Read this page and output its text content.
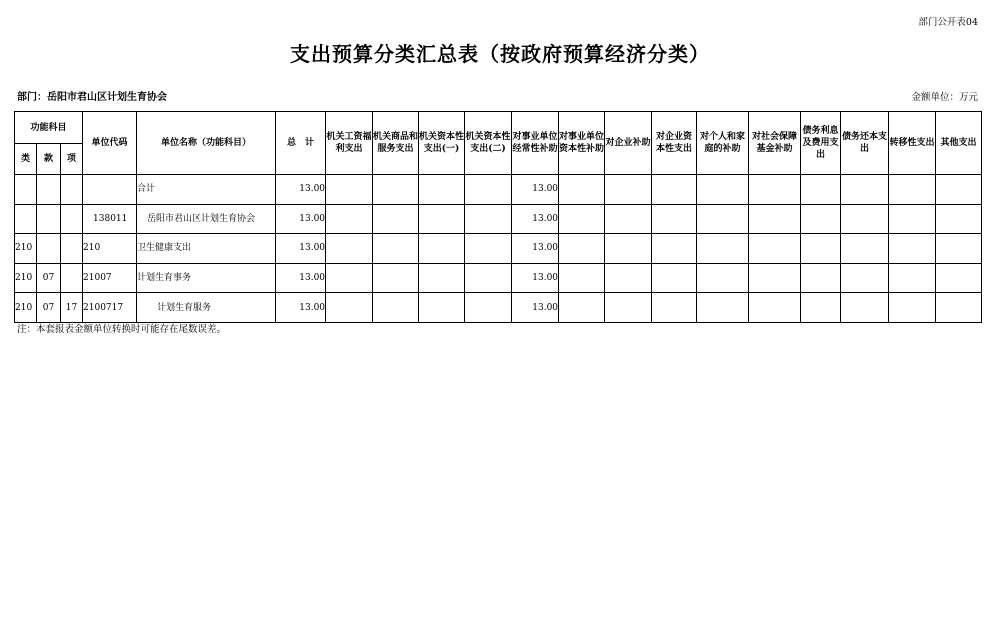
部门公开表04
支出预算分类汇总表（按政府预算经济分类）
部门：岳阳市君山区计划生育协会	金额单位：万元
功能科目			单位代码	单位名称（功能科目）	总　计	机关工资福利支出	机关商品和服务支出	机关资本性支出(一)	机关资本性支出(二)	对事业单位经常性补助	对事业单位资本性补助	对企业补助	对企业资本性支出	对个人和家庭的补助	对社会保障基金补助	债务利息及费用支出	债务还本支出	转移性支出	其他支出
类	款	项																	
				合计	13.00					13.00									
			138011	岳阳市君山区计划生育协会	13.00					13.00									
210			210	卫生健康支出	13.00					13.00									
210	07		21007	计划生育事务	13.00					13.00									
210	07	17	2100717	计划生育服务	13.00					13.00									
注：本套报表金额单位转换时可能存在尾数误差。
